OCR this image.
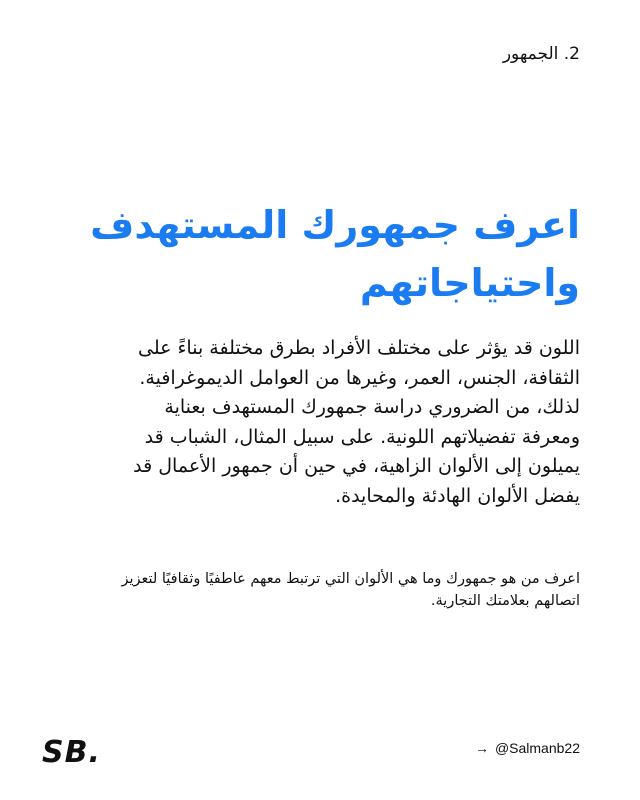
2. الجمهور
اعرف جمهورك المستهدف
واحتياجاتهم

اللون قد يؤثر على مختلف الأفراد بطرق مختلفة بناءً على الثقافة، الجنس، العمر، وغيرها من العوامل الديموغرافية. لذلك، من الضروري دراسة جمهورك المستهدف بعناية ومعرفة تفضيلاتهم اللونية. على سبيل المثال، الشباب قد يميلون إلى الألوان الزاهية، في حين أن جمهور الأعمال قد يفضل الألوان الهادئة والمحايدة.

اعرف من هو جمهورك وما هي الألوان التي ترتبط معهم عاطفيًا وثقافيًا لتعزيز اتصالهم بعلامتك التجارية.

SB.	→ @Salmanb22
